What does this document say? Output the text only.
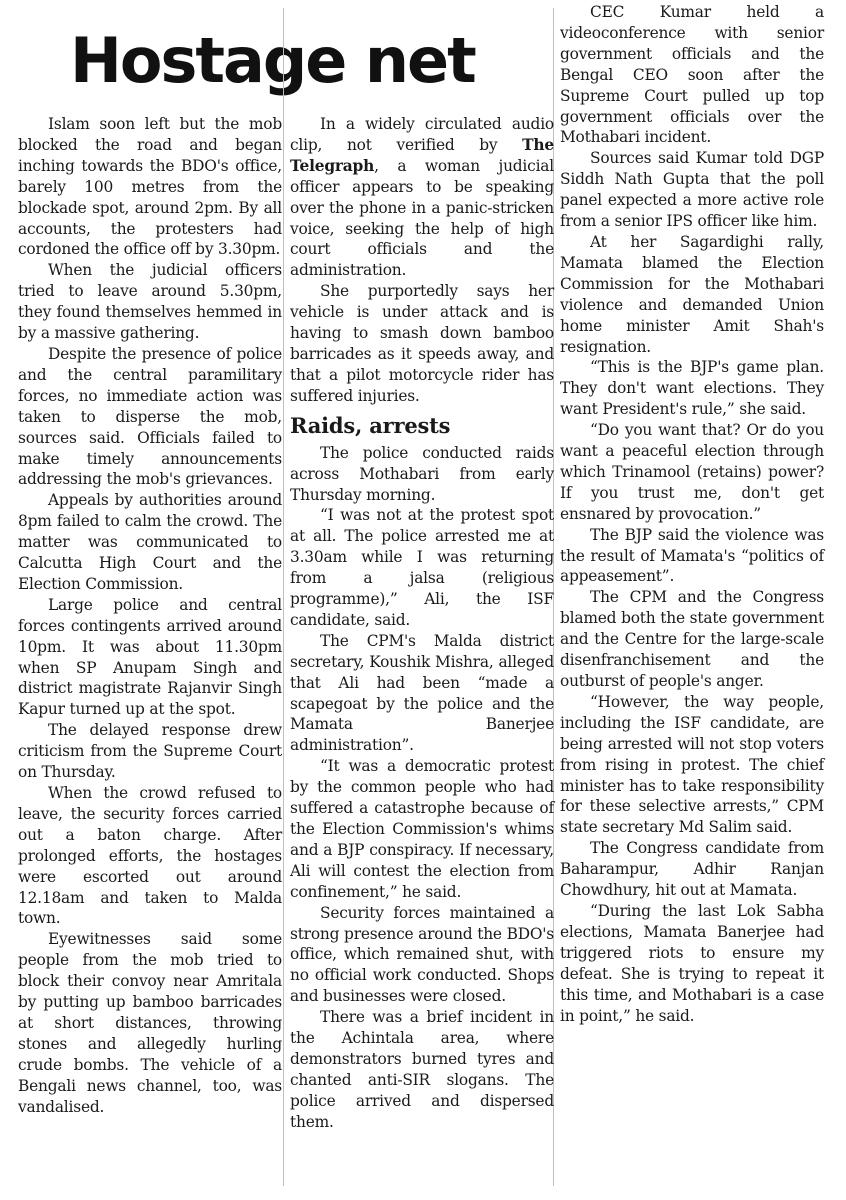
Hostage net

Islam soon left but the mob blocked the road and began inching towards the BDO's office, barely 100 metres from the blockade spot, around 2pm. By all accounts, the protesters had cordoned the office off by 3.30pm.

When the judicial officers tried to leave around 5.30pm, they found themselves hemmed in by a massive gathering.

Despite the presence of police and the central paramilitary forces, no immediate action was taken to disperse the mob, sources said. Officials failed to make timely announcements addressing the mob's grievances.

Appeals by authorities around 8pm failed to calm the crowd. The matter was communicated to Calcutta High Court and the Election Commission.

Large police and central forces contingents arrived around 10pm. It was about 11.30pm when SP Anupam Singh and district magistrate Rajanvir Singh Kapur turned up at the spot.

The delayed response drew criticism from the Supreme Court on Thursday.

When the crowd refused to leave, the security forces carried out a baton charge. After prolonged efforts, the hostages were escorted out around 12.18am and taken to Malda town.

Eyewitnesses said some people from the mob tried to block their convoy near Amritala by putting up bamboo barricades at short distances, throwing stones and allegedly hurling crude bombs. The vehicle of a Bengali news channel, too, was vandalised.

In a widely circulated audio clip, not verified by The Telegraph, a woman judicial officer appears to be speaking over the phone in a panic-stricken voice, seeking the help of high court officials and the administration.

She purportedly says her vehicle is under attack and is having to smash down bamboo barricades as it speeds away, and that a pilot motorcycle rider has suffered injuries.

Raids, arrests

The police conducted raids across Mothabari from early Thursday morning.

“I was not at the protest spot at all. The police arrested me at 3.30am while I was returning from a jalsa (religious programme),” Ali, the ISF candidate, said.

The CPM's Malda district secretary, Koushik Mishra, alleged that Ali had been “made a scapegoat by the police and the Mamata Banerjee administration”.

“It was a democratic protest by the common people who had suffered a catastrophe because of the Election Commission's whims and a BJP conspiracy. If necessary, Ali will contest the election from confinement,” he said.

Security forces maintained a strong presence around the BDO's office, which remained shut, with no official work conducted. Shops and businesses were closed.

There was a brief incident in the Achintala area, where demonstrators burned tyres and chanted anti-SIR slogans. The police arrived and dispersed them.

CEC Kumar held a videoconference with senior government officials and the Bengal CEO soon after the Supreme Court pulled up top government officials over the Mothabari incident.

Sources said Kumar told DGP Siddh Nath Gupta that the poll panel expected a more active role from a senior IPS officer like him.

At her Sagardighi rally, Mamata blamed the Election Commission for the Mothabari violence and demanded Union home minister Amit Shah's resignation.

“This is the BJP's game plan. They don't want elections. They want President's rule,” she said.

“Do you want that? Or do you want a peaceful election through which Trinamool (retains) power? If you trust me, don't get ensnared by provocation.”

The BJP said the violence was the result of Mamata's “politics of appeasement”.

The CPM and the Congress blamed both the state government and the Centre for the large-scale disenfranchisement and the outburst of people's anger.

“However, the way people, including the ISF candidate, are being arrested will not stop voters from rising in protest. The chief minister has to take responsibility for these selective arrests,” CPM state secretary Md Salim said.

The Congress candidate from Baharampur, Adhir Ranjan Chowdhury, hit out at Mamata.

“During the last Lok Sabha elections, Mamata Banerjee had triggered riots to ensure my defeat. She is trying to repeat it this time, and Mothabari is a case in point,” he said.
